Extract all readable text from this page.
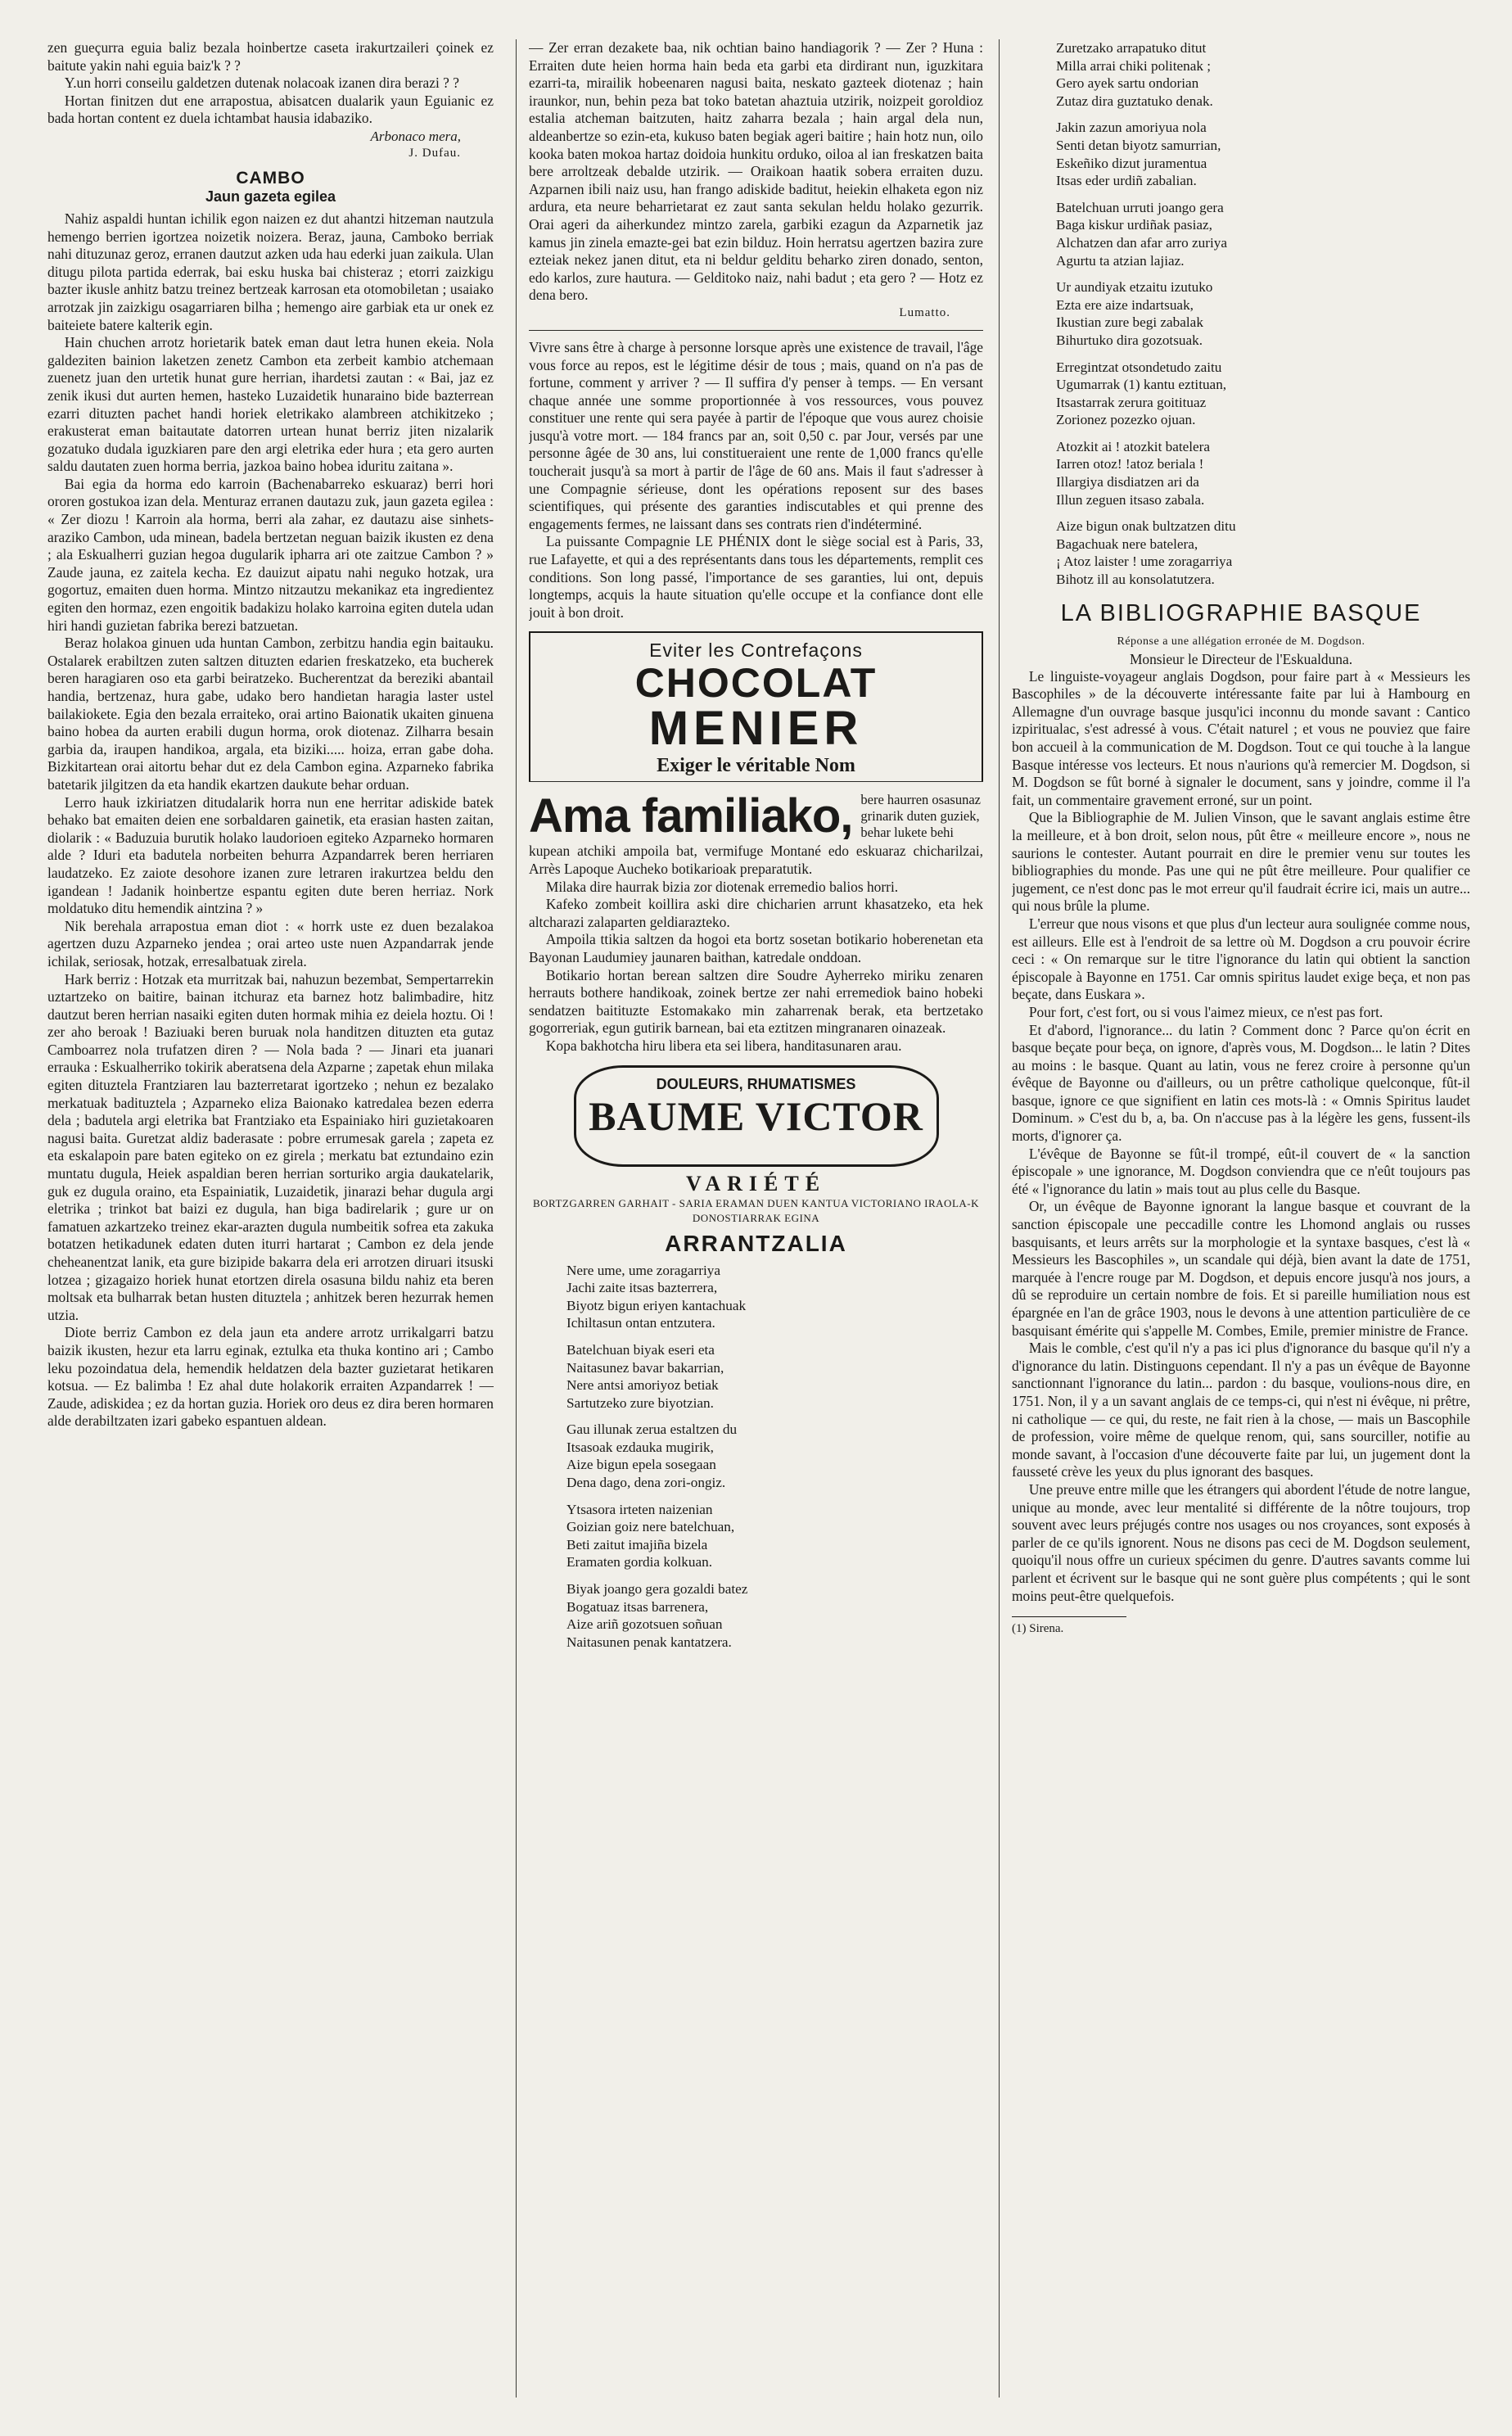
zen gueçurra eguia baliz bezala hoinbertze caseta irakurtzaileri çoinek ez baitute yakin nahi eguia baiz'k ? ?

Y.un horri conseilu galdetzen dutenak nolacoak izanen dira berazi ? ?

Hortan finitzen dut ene arrapostua, abisatcen dualarik yaun Eguianic ez bada hortan content ez duela ichtambat hausia idabaziko.

Arbonaco mera,
J. Dufau.
CAMBO
Jaun gazeta egilea

Nahiz aspaldi huntan ichilik egon naizen ez dut ahantzi hitzeman nautzula hemengo berrien igortzea noizetik noizera. Beraz, jauna, Camboko berriak nahi dituzunaz geroz, erranen dautzut azken uda hau ederki juan zaikula. Ulan ditugu pilota partida ederrak, bai esku huska bai chisteraz ; etorri zaizkigu bazter ikusle anhitz batzu treinez bertzeak karrosan eta otomobiletan ; usaiako arrotzak jin zaizkigu osagarriaren bilha ; hemengo aire garbiak eta ur onek ez baiteiete batere kalterik egin.

Hain chuchen arrotz horietarik batek eman daut letra hunen ekeia. Nola galdeziten bainion laketzen zenetz Cambon eta zerbeit kambio atchemaan zuenetz juan den urtetik hunat gure herrian, ihardetsi zautan : « Bai, jaz ez zenik ikusi dut aurten hemen, hasteko Luzaidetik hunaraino bide bazterrean ezarri dituzten pachet handi horiek eletrikako alambreen atchikitzeko ; erakusterat eman baitautate datorren urtean hunat berriz jiten nizalarik gozatuko dudala iguzkiaren pare den argi eletrika eder hura ; eta gero aurten saldu dautaten zuen horma berria, jazkoa baino hobea iduritu zaitana ».

Bai egia da horma edo karroin (Bachenabarreko eskuaraz) berri hori ororen gostukoa izan dela. Menturaz erranen dautazu zuk, jaun gazeta egilea : « Zer diozu ! Karroin ala horma, berri ala zahar, ez dautazu aise sinhets-araziko Cambon, uda minean, badela bertzetan neguan baizik ikusten ez dena ; ala Eskualherri guzian hegoa dugularik ipharra ari ote zaitzue Cambon ? » Zaude jauna, ez zaitela kecha. Ez dauizut aipatu nahi neguko hotzak, ura gogortuz, emaiten duen horma. Mintzo nitzautzu mekanikaz eta ingredientez egiten den hormaz, ezen engoitik badakizu holako karroina egiten dutela udan hiri handi guzietan fabrika berezi batzuetan.

Beraz holakoa ginuen uda huntan Cambon, zerbitzu handia egin baitauku. Ostalarek erabiltzen zuten saltzen dituzten edarien freskatzeko, eta bucherek beren haragiaren oso eta garbi beiratzeko. Bucherentzat da bereziki abantail handia, bertzenaz, hura gabe, udako bero handietan haragia laster ustel bailakiokete. Egia den bezala erraiteko, orai artino Baionatik ukaiten ginuena baino hobea da aurten erabili dugun horma, orok diotenaz. Zilharra besain garbia da, iraupen handikoa, argala, eta biziki..... hoiza, erran gabe doha. Bizkitartean orai aitortu behar dut ez dela Cambon egina. Azparneko fabrika batetarik jilgitzen da eta handik ekartzen daukute behar orduan.

Lerro hauk izkiriatzen ditudalarik horra nun ene herritar adiskide batek behako bat emaiten deien ene sorbaldaren gainetik, eta erasian hasten zaitan, diolarik : « Baduzuia burutik holako laudorioen egiteko Azparneko hormaren alde ? Iduri eta badutela norbeiten behurra Azpandarrek beren herriaren laudatzeko. Ez zaiote desohore izanen zure letraren irakurtzea beldu den igandean ! Jadanik hoinbertze espantu egiten dute beren herriaz. Nork moldatuko ditu hemendik aintzina ? »

Nik berehala arrapostua eman diot : « horrk uste ez duen bezalakoa agertzen duzu Azparneko jendea ; orai arteo uste nuen Azpandarrak jende ichilak, seriosak, hotzak, erresalbatuak zirela.

Hark berriz : Hotzak eta murritzak bai, nahuzun bezembat, Sempertarrekin uztartzeko on baitire, bainan itchuraz eta barnez hotz balimbadire, hitz dautzut beren herrian nasaiki egiten duten hormak mihia ez deiela hoztu. Oi ! zer aho beroak ! Baziuaki beren buruak nola handitzen dituzten eta gutaz Camboarrez nola trufatzen diren ? — Nola bada ? — Jinari eta juanari errauka : Eskualherriko tokirik aberatsena dela Azparne ; zapetak ehun milaka egiten dituztela Frantziaren lau bazterretarat igortzeko ; nehun ez bezalako merkatuak badituztela ; Azparneko eliza Baionako katredalea bezen ederra dela ; badutela argi eletrika bat Frantziako eta Espainiako hiri guzietakoaren nagusi baita. Guretzat aldiz baderasate : pobre errumesak garela ; zapeta ez eta eskalapoin pare baten egiteko on ez girela ; merkatu bat eztundaino ezin muntatu dugula, Heiek aspaldian beren herrian sorturiko argia daukatelarik, guk ez dugula oraino, eta Espainiatik, Luzaidetik, jinarazi behar dugula argi eletrika ; trinkot bat baizi ez dugula, han biga badirelarik ; gure ur on famatuen azkartzeko treinez ekar-arazten dugula numbeitik sofrea eta zakuka botatzen hetikadunek edaten duten iturri hartarat ; Cambon ez dela jende cheheanentzat lanik, eta gure bizipide bakarra dela eri arrotzen diruari itsuski lotzea ; gizagaizo horiek hunat etortzen direla osasuna bildu nahiz eta beren moltsak eta bulharrak betan husten dituztela ; anhitzek beren hezurrak hemen utzia.

Diote berriz Cambon ez dela jaun eta andere arrotz urrikalgarri batzu baizik ikusten, hezur eta larru eginak, eztulka eta thuka kontino ari ; Cambo leku pozoindatua dela, hemendik heldatzen dela bazter guzietarat hetikaren kotsua. — Ez balimba ! Ez ahal dute holakorik erraiten Azpandarrek ! — Zaude, adiskidea ; ez da hortan guzia. Horiek oro deus ez dira beren hormaren alde derabiltzaten izari gabeko espantuen aldean.

— Zer erran dezakete baa, nik ochtian baino handiagorik ? — Zer ? Huna : Erraiten dute heien horma hain beda eta garbi eta dirdirant nun, iguzkitara ezarri-ta, mirailik hobeenaren nagusi baita, neskato gazteek diotenaz ; hain iraunkor, nun, behin peza bat toko batetan ahaztuia utzirik, noizpeit goroldioz estalia atcheman baitzuten, haitz zaharra bezala ; hain argal dela nun, aldeanbertze so ezin-eta, kukuso baten begiak ageri baitire ; hain hotz nun, oilo kooka baten mokoa hartaz doidoia hunkitu orduko, oiloa al ian freskatzen baita bere arroltzeak debalde utzirik. — Oraikoan haatik sobera erraiten duzu. Azparnen ibili naiz usu, han frango adiskide baditut, heiekin elhaketa egon niz ardura, eta neure beharrietarat ez zaut santa sekulan heldu holako gezurrik. Orai ageri da aiherkundez mintzo zarela, garbiki ezagun da Azparnetik jaz kamus jin zinela emazte-gei bat ezin bilduz. Hoin herratsu agertzen bazira zure ezteiak nekez janen ditut, eta ni beldur gelditu beharko ziren donado, senton, edo karlos, zure hautura. — Gelditoko naiz, nahi badut ; eta gero ? — Hotz ez dena bero.

Lumatto.

Vivre sans être à charge à personne lorsque après une existence de travail, l'âge vous force au repos, est le légitime désir de tous ; mais, quand on n'a pas de fortune, comment y arriver ? — Il suffira d'y penser à temps. — En versant chaque année une somme proportionnée à vos ressources, vous pouvez constituer une rente qui sera payée à partir de l'époque que vous aurez choisie jusqu'à votre mort. — 184 francs par an, soit 0,50 c. par Jour, versés par une personne âgée de 30 ans, lui constitueraient une rente de 1,000 francs qu'elle toucherait jusqu'à sa mort à partir de l'âge de 60 ans. Mais il faut s'adresser à une Compagnie sérieuse, dont les opérations reposent sur des bases scientifiques, qui présente des garanties indiscutables et qui prenne des engagements fermes, ne laissant dans ses contrats rien d'indéterminé.

La puissante Compagnie LE PHÉNIX dont le siège social est à Paris, 33, rue Lafayette, et qui a des représentants dans tous les départements, remplit ces conditions. Son long passé, l'importance de ses garanties, lui ont, depuis longtemps, acquis la haute situation qu'elle occupe et la confiance dont elle jouit à bon droit.

Eviter les Contrefaçons
CHOCOLAT
MENIER
Exiger le véritable Nom
Ama familiako, bere haurren osasunaz grinarik duten guziek, behar lukete behi

kupean atchiki ampoila bat, vermifuge Montané edo eskuaraz chicharilzai, Arrès Lapoque Aucheko botikarioak preparatutik.

Milaka dire haurrak bizia zor diotenak erremedio balios horri.

Kafeko zombeit koillira aski dire chicharien arrunt khasatzeko, eta hek altcharazi zalaparten geldiarazteko.

Ampoila ttikia saltzen da hogoi eta bortz sosetan botikario hoberenetan eta Bayonan Laudumiey jaunaren baithan, katredale onddoan.

Botikario hortan berean saltzen dire Soudre Ayherreko miriku zenaren herrauts bothere handikoak, zoinek bertze zer nahi erremediok baino hobeki sendatzen baitituzte Estomakako min zaharrenak berak, eta bertzetako gogorreriak, egun gutirik barnean, bai eta eztitzen mingranaren oinazeak.

Kopa bakhotcha hiru libera eta sei libera, handitasunaren arau.

DOULEURS, RHUMATISMES
BAUME VICTOR
VARIÉTÉ
BORTZGARREN GARHAIT - SARIA ERAMAN DUEN KANTUA VICTORIANO IRAOLA-K DONOSTIARRAK EGINA
ARRANTZALIA
Nere ume, ume zoragarriya
Jachi zaite itsas bazterrera,
Biyotz bigun eriyen kantachuak
Ichiltasun ontan entzutera.
Batelchuan biyak eseri eta
Naitasunez bavar bakarrian,
Nere antsi amoriyoz betiak
Sartutzeko zure biyotzian.
Gau illunak zerua estaltzen du
Itsasoak ezdauka mugirik,
Aize bigun epela sosegaan
Dena dago, dena zori-ongiz.
Ytsasora irteten naizenian
Goizian goiz nere batelchuan,
Beti zaitut imajiña bizela
Eramaten gordia kolkuan.
Biyak joango gera gozaldi batez
Bogatuaz itsas barrenera,
Aize ariñ gozotsuen soñuan
Naitasunen penak kantatzera.
Zuretzako arrapatuko ditut
Milla arrai chiki politenak ;
Gero ayek sartu ondorian
Zutaz dira guztatuko denak.
Jakin zazun amoriyua nola
Senti detan biyotz samurrian,
Eskeñiko dizut juramentua
Itsas eder urdiñ zabalian.
Batelchuan urruti joango gera
Baga kiskur urdiñak pasiaz,
Alchatzen dan afar arro zuriya
Agurtu ta atzian lajiaz.
Ur aundiyak etzaitu izutuko
Ezta ere aize indartsuak,
Ikustian zure begi zabalak
Bihurtuko dira gozotsuak.
Erregintzat otsondetudo zaitu
Ugumarrak (1) kantu eztituan,
Itsastarrak zerura goitituaz
Zorionez pozezko ojuan.
Atozkit ai ! atozkit batelera
Iarren otoz! !atoz beriala !
Illargiya disdiatzen ari da
Illun zeguen itsaso zabala.
Aize bigun onak bultzatzen ditu
Bagachuak nere batelera,
¡ Atoz laister ! ume zoragarriya
Bihotz ill au konsolatutzera.
LA BIBLIOGRAPHIE BASQUE
Réponse a une allégation erronée de M. Dogdson.
Monsieur le Directeur de l'Eskualduna.

Le linguiste-voyageur anglais Dogdson, pour faire part à « Messieurs les Bascophiles » de la découverte intéressante faite par lui à Hambourg en Allemagne d'un ouvrage basque jusqu'ici inconnu du monde savant : Cantico izpiritualac, s'est adressé à vous. C'était naturel ; et vous ne pouviez que faire bon accueil à la communication de M. Dogdson. Tout ce qui touche à la langue Basque intéresse vos lecteurs. Et nous n'aurions qu'à remercier M. Dogdson, si M. Dogdson se fût borné à signaler le document, sans y joindre, comme il l'a fait, un commentaire gravement erroné, sur un point.

Que la Bibliographie de M. Julien Vinson, que le savant anglais estime être la meilleure, et à bon droit, selon nous, pût être « meilleure encore », nous ne saurions le contester. Autant pourrait en dire le premier venu sur toutes les bibliographies du monde. Pas une qui ne pût être meilleure. Pour qualifier ce jugement, ce n'est donc pas le mot erreur qu'il faudrait écrire ici, mais un autre... qui nous brûle la plume.

L'erreur que nous visons et que plus d'un lecteur aura soulignée comme nous, est ailleurs. Elle est à l'endroit de sa lettre où M. Dogdson a cru pouvoir écrire ceci : « On remarque sur le titre l'ignorance du latin qui obtient la sanction épiscopale à Bayonne en 1751. Car omnis spiritus laudet exige beça, et non pas beçate, dans Euskara ».

Pour fort, c'est fort, ou si vous l'aimez mieux, ce n'est pas fort.

Et d'abord, l'ignorance... du latin ? Comment donc ? Parce qu'on écrit en basque beçate pour beça, on ignore, d'après vous, M. Dogdson... le latin ? Dites au moins : le basque. Quant au latin, vous ne ferez croire à personne qu'un évêque de Bayonne ou d'ailleurs, ou un prêtre catholique quelconque, fût-il basque, ignore ce que signifient en latin ces mots-là : « Omnis Spiritus laudet Dominum. » C'est du b, a, ba. On n'accuse pas à la légère les gens, fussent-ils morts, d'ignorer ça.

L'évêque de Bayonne se fût-il trompé, eût-il couvert de « la sanction épiscopale » une ignorance, M. Dogdson conviendra que ce n'eût toujours pas été « l'ignorance du latin » mais tout au plus celle du Basque.

Or, un évêque de Bayonne ignorant la langue basque et couvrant de la sanction épiscopale une peccadille contre les Lhomond anglais ou russes basquisants, et leurs arrêts sur la morphologie et la syntaxe basques, c'est là « Messieurs les Bascophiles », un scandale qui déjà, bien avant la date de 1751, marquée à l'encre rouge par M. Dogdson, et depuis encore jusqu'à nos jours, a dû se reproduire un certain nombre de fois. Et si pareille humiliation nous est épargnée en l'an de grâce 1903, nous le devons à une attention particulière de ce basquisant émérite qui s'appelle M. Combes, Emile, premier ministre de France.

Mais le comble, c'est qu'il n'y a pas ici plus d'ignorance du basque qu'il n'y a d'ignorance du latin. Distinguons cependant. Il n'y a pas un évêque de Bayonne sanctionnant l'ignorance du latin... pardon : du basque, voulions-nous dire, en 1751. Non, il y a un savant anglais de ce temps-ci, qui n'est ni évêque, ni prêtre, ni catholique — ce qui, du reste, ne fait rien à la chose, — mais un Bascophile de profession, voire même de quelque renom, qui, sans sourciller, notifie au monde savant, à l'occasion d'une découverte faite par lui, un jugement dont la fausseté crève les yeux du plus ignorant des basques.

Une preuve entre mille que les étrangers qui abordent l'étude de notre langue, unique au monde, avec leur mentalité si différente de la nôtre toujours, trop souvent avec leurs préjugés contre nos usages ou nos croyances, sont exposés à parler de ce qu'ils ignorent. Nous ne disons pas ceci de M. Dogdson seulement, quoiqu'il nous offre un curieux spécimen du genre. D'autres savants comme lui parlent et écrivent sur le basque qui ne sont guère plus compétents ; qui le sont moins peut-être quelquefois.

(1) Sirena.
